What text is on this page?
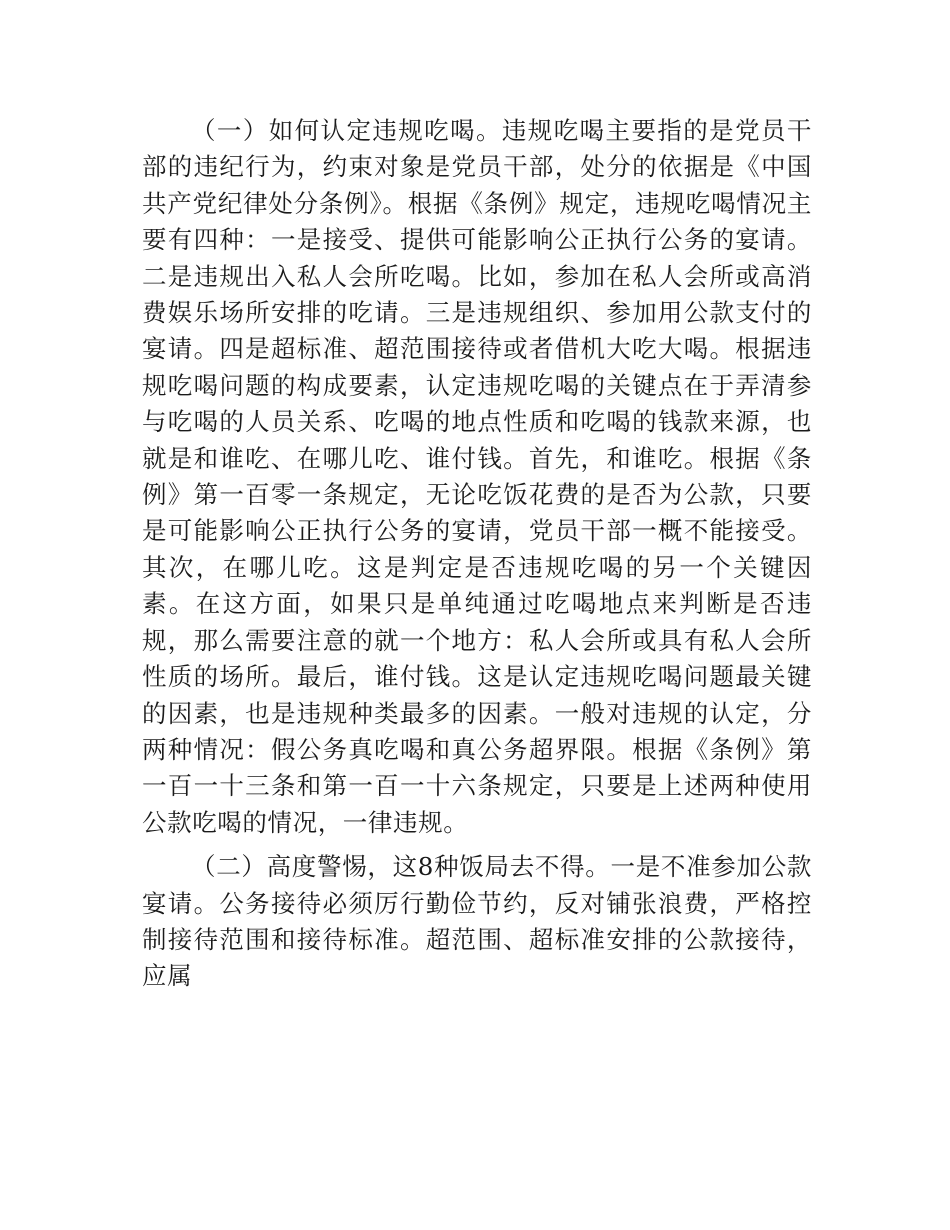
（一）如何认定违规吃喝。违规吃喝主要指的是党员干部的违纪行为，约束对象是党员干部，处分的依据是《中国共产党纪律处分条例》。根据《条例》规定，违规吃喝情况主要有四种：一是接受、提供可能影响公正执行公务的宴请。二是违规出入私人会所吃喝。比如，参加在私人会所或高消费娱乐场所安排的吃请。三是违规组织、参加用公款支付的宴请。四是超标准、超范围接待或者借机大吃大喝。根据违规吃喝问题的构成要素，认定违规吃喝的关键点在于弄清参与吃喝的人员关系、吃喝的地点性质和吃喝的钱款来源，也就是和谁吃、在哪儿吃、谁付钱。首先，和谁吃。根据《条例》第一百零一条规定，无论吃饭花费的是否为公款，只要是可能影响公正执行公务的宴请，党员干部一概不能接受。其次，在哪儿吃。这是判定是否违规吃喝的另一个关键因素。在这方面，如果只是单纯通过吃喝地点来判断是否违规，那么需要注意的就一个地方：私人会所或具有私人会所性质的场所。最后，谁付钱。这是认定违规吃喝问题最关键的因素，也是违规种类最多的因素。一般对违规的认定，分两种情况：假公务真吃喝和真公务超界限。根据《条例》第一百一十三条和第一百一十六条规定，只要是上述两种使用公款吃喝的情况，一律违规。

（二）高度警惕，这8种饭局去不得。一是不准参加公款宴请。公务接待必须厉行勤俭节约，反对铺张浪费，严格控制接待范围和接待标准。超范围、超标准安排的公款接待，应属
